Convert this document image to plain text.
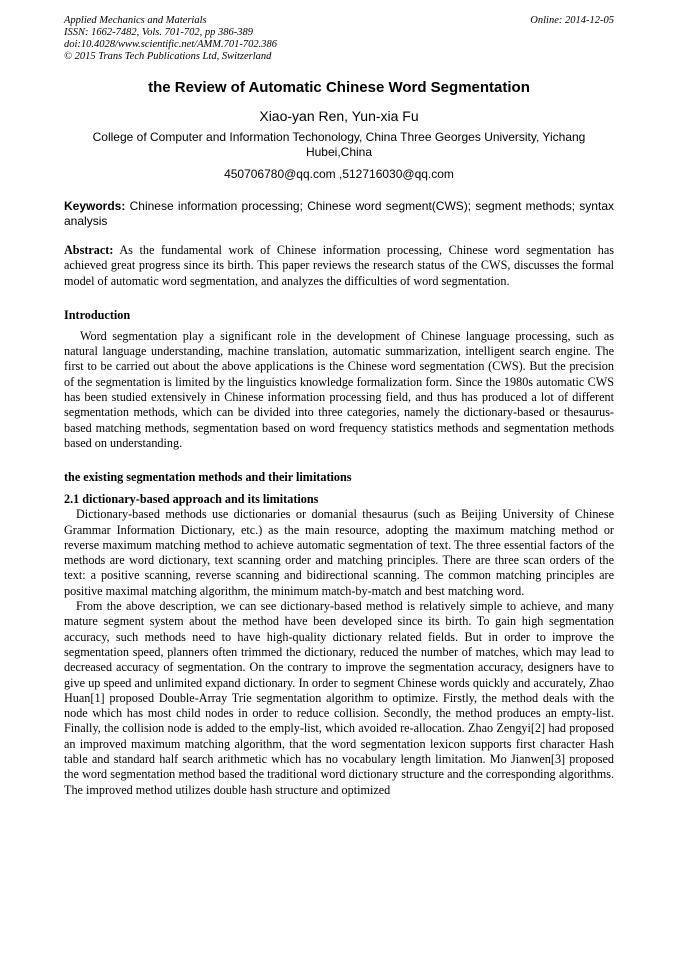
Applied Mechanics and Materials
ISSN: 1662-7482, Vols. 701-702, pp 386-389
doi:10.4028/www.scientific.net/AMM.701-702.386
© 2015 Trans Tech Publications Ltd, Switzerland
Online: 2014-12-05
the Review of Automatic Chinese Word Segmentation
Xiao-yan Ren, Yun-xia Fu
College of Computer and Information Techonology, China Three Georges University, Yichang Hubei,China
450706780@qq.com ,512716030@qq.com
Keywords: Chinese information processing; Chinese word segment(CWS); segment methods; syntax analysis
Abstract: As the fundamental work of Chinese information processing, Chinese word segmentation has achieved great progress since its birth. This paper reviews the research status of the CWS, discusses the formal model of automatic word segmentation, and analyzes the difficulties of word segmentation.
Introduction

Word segmentation play a significant role in the development of Chinese language processing, such as natural language understanding, machine translation, automatic summarization, intelligent search engine. The first to be carried out about the above applications is the Chinese word segmentation (CWS). But the precision of the segmentation is limited by the linguistics knowledge formalization form. Since the 1980s automatic CWS has been studied extensively in Chinese information processing field, and thus has produced a lot of different segmentation methods, which can be divided into three categories, namely the dictionary-based or thesaurus-based matching methods, segmentation based on word frequency statistics methods and segmentation methods based on understanding.

the existing segmentation methods and their limitations
2.1 dictionary-based approach and its limitations

Dictionary-based methods use dictionaries or domanial thesaurus (such as Beijing University of Chinese Grammar Information Dictionary, etc.) as the main resource, adopting the maximum matching method or reverse maximum matching method to achieve automatic segmentation of text. The three essential factors of the methods are word dictionary, text scanning order and matching principles. There are three scan orders of the text: a positive scanning, reverse scanning and bidirectional scanning. The common matching principles are positive maximal matching algorithm, the minimum match-by-match and best matching word.

From the above description, we can see dictionary-based method is relatively simple to achieve, and many mature segment system about the method have been developed since its birth. To gain high segmentation accuracy, such methods need to have high-quality dictionary related fields. But in order to improve the segmentation speed, planners often trimmed the dictionary, reduced the number of matches, which may lead to decreased accuracy of segmentation. On the contrary to improve the segmentation accuracy, designers have to give up speed and unlimited expand dictionary. In order to segment Chinese words quickly and accurately, Zhao Huan[1] proposed Double-Array Trie segmentation algorithm to optimize. Firstly, the method deals with the node which has most child nodes in order to reduce collision. Secondly, the method produces an empty-list. Finally, the collision node is added to the emply-list, which avoided re-allocation. Zhao Zengyi[2] had proposed an improved maximum matching algorithm, that the word segmentation lexicon supports first character Hash table and standard half search arithmetic which has no vocabulary length limitation. Mo Jianwen[3] proposed the word segmentation method based the traditional word dictionary structure and the corresponding algorithms. The improved method utilizes double hash structure and optimized
